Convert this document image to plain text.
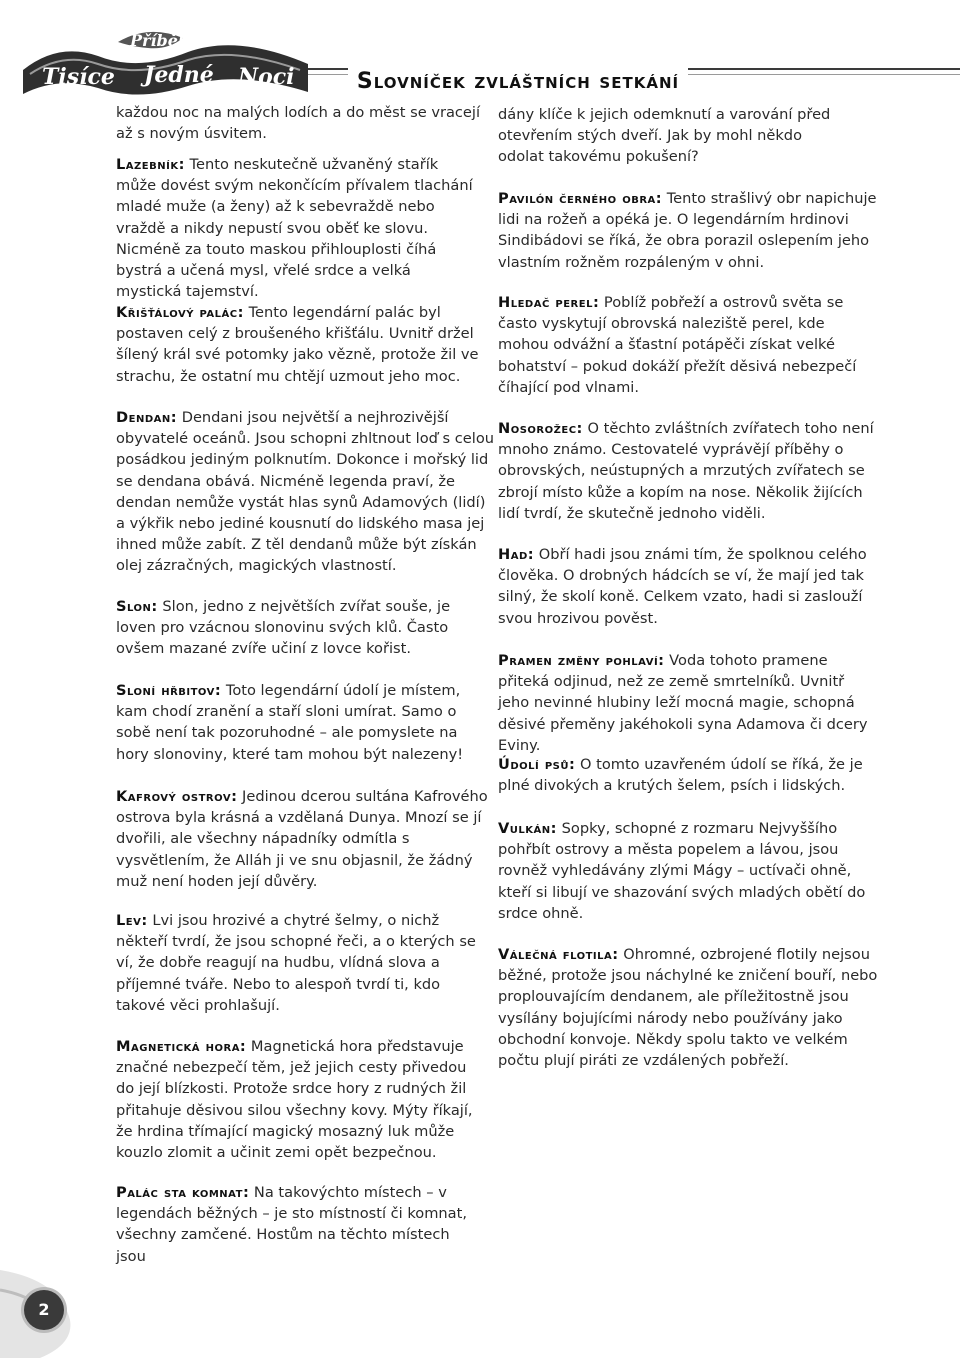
Tisíce
Příběhy
Jedné Noci	Slovníček zvláštních setkání

každou noc na malých lodích a do měst se vracejí až s novým úsvitem.

Lazebník: Tento neskutečně užvaněný stařík může dovést svým nekončícím přívalem tlachání mladé muže (a ženy) až k sebevraždě nebo vraždě a nikdy nepustí svou oběť ke slovu. Nicméně za touto maskou přihlouplosti číhá bystrá a učená mysl, vřelé srdce a velká mystická tajemství.

Křišťálový palác: Tento legendární palác byl postaven celý z broušeného křišťálu. Uvnitř držel šílený král své potomky jako vězně, protože žil ve strachu, že ostatní mu chtějí uzmout jeho moc.

Dendan: Dendani jsou největší a nejhrozivější obyvatelé oceánů. Jsou schopni zhltnout loď s celou posádkou jediným polknutím. Dokonce i mořský lid se dendana obává. Nicméně legenda praví, že dendan nemůže vystát hlas synů Adamových (lidí) a výkřik nebo jediné kousnutí do lidského masa jej ihned může zabít. Z těl dendanů může být získán olej zázračných, magických vlastností.

Slon: Slon, jedno z největších zvířat souše, je loven pro vzácnou slonovinu svých klů. Často ovšem mazané zvíře učiní z lovce kořist.

Sloní hřbitov: Toto legendární údolí je místem, kam chodí zranění a staří sloni umírat. Samo o sobě není tak pozoruhodné – ale pomyslete na hory slonoviny, které tam mohou být nalezeny!

Kafrový ostrov: Jedinou dcerou sultána Kafrového ostrova byla krásná a vzdělaná Dunya. Mnozí se jí dvořili, ale všechny nápadníky odmítla s vysvětlením, že Alláh ji ve snu objasnil, že žádný muž není hoden její důvěry.

Lev: Lvi jsou hrozivé a chytré šelmy, o nichž někteří tvrdí, že jsou schopné řeči, a o kterých se ví, že dobře reagují na hudbu, vlídná slova a příjemné tváře. Nebo to alespoň tvrdí ti, kdo takové věci prohlašují.

Magnetická hora: Magnetická hora představuje značné nebezpečí těm, jež jejich cesty přivedou do její blízkosti. Protože srdce hory z rudných žil přitahuje děsivou silou všechny kovy. Mýty říkají, že hrdina třímající magický mosazný luk může kouzlo zlomit a učinit zemi opět bezpečnou.

Palác sta komnat: Na takovýchto místech – v legendách běžných – je sto místností či komnat, všechny zamčené. Hostům na těchto místech jsou

dány klíče k jejich odemknutí a varování před otevřením stých dveří. Jak by mohl někdo odolat takovému pokušení?

Pavilón černého obra: Tento strašlivý obr napichuje lidi na rožeň a opéká je. O legendárním hrdinovi Sindibádovi se říká, že obra porazil oslepením jeho vlastním rožněm rozpáleným v ohni.

Hledač perel: Poblíž pobřeží a ostrovů světa se často vyskytují obrovská naleziště perel, kde mohou odvážní a šťastní potápěči získat velké bohatství – pokud dokáží přežít děsivá nebezpečí číhající pod vlnami.

Nosorožec: O těchto zvláštních zvířatech toho není mnoho známo. Cestovatelé vyprávějí příběhy o obrovských, neústupných a mrzutých zvířatech se zbrojí místo kůže a kopím na nose. Několik žijících lidí tvrdí, že skutečně jednoho viděli.

Had: Obří hadi jsou známi tím, že spolknou celého člověka. O drobných hádcích se ví, že mají jed tak silný, že skolí koně. Celkem vzato, hadi si zaslouží svou hrozivou pověst.

Pramen změny pohlaví: Voda tohoto pramene přiteká odjinud, než ze země smrtelníků. Uvnitř jeho nevinné hlubiny leží mocná magie, schopná děsivé přeměny jakéhokoli syna Adamova či dcery Eviny.

Údolí psů: O tomto uzavřeném údolí se říká, že je plné divokých a krutých šelem, psích i lidských.

Vulkán: Sopky, schopné z rozmaru Nejvyššího pohřbít ostrovy a města popelem a lávou, jsou rovněž vyhledávány zlými Mágy – uctívači ohně, kteří si libují ve shazování svých mladých obětí do srdce ohně.

Válečná flotila: Ohromné, ozbrojené flotily nejsou běžné, protože jsou náchylné ke zničení bouří, nebo proplouvajícím dendanem, ale příležitostně jsou vysílány bojujícími národy nebo používány jako obchodní konvoje. Někdy spolu takto ve velkém počtu plují piráti ze vzdálených pobřeží.

2
